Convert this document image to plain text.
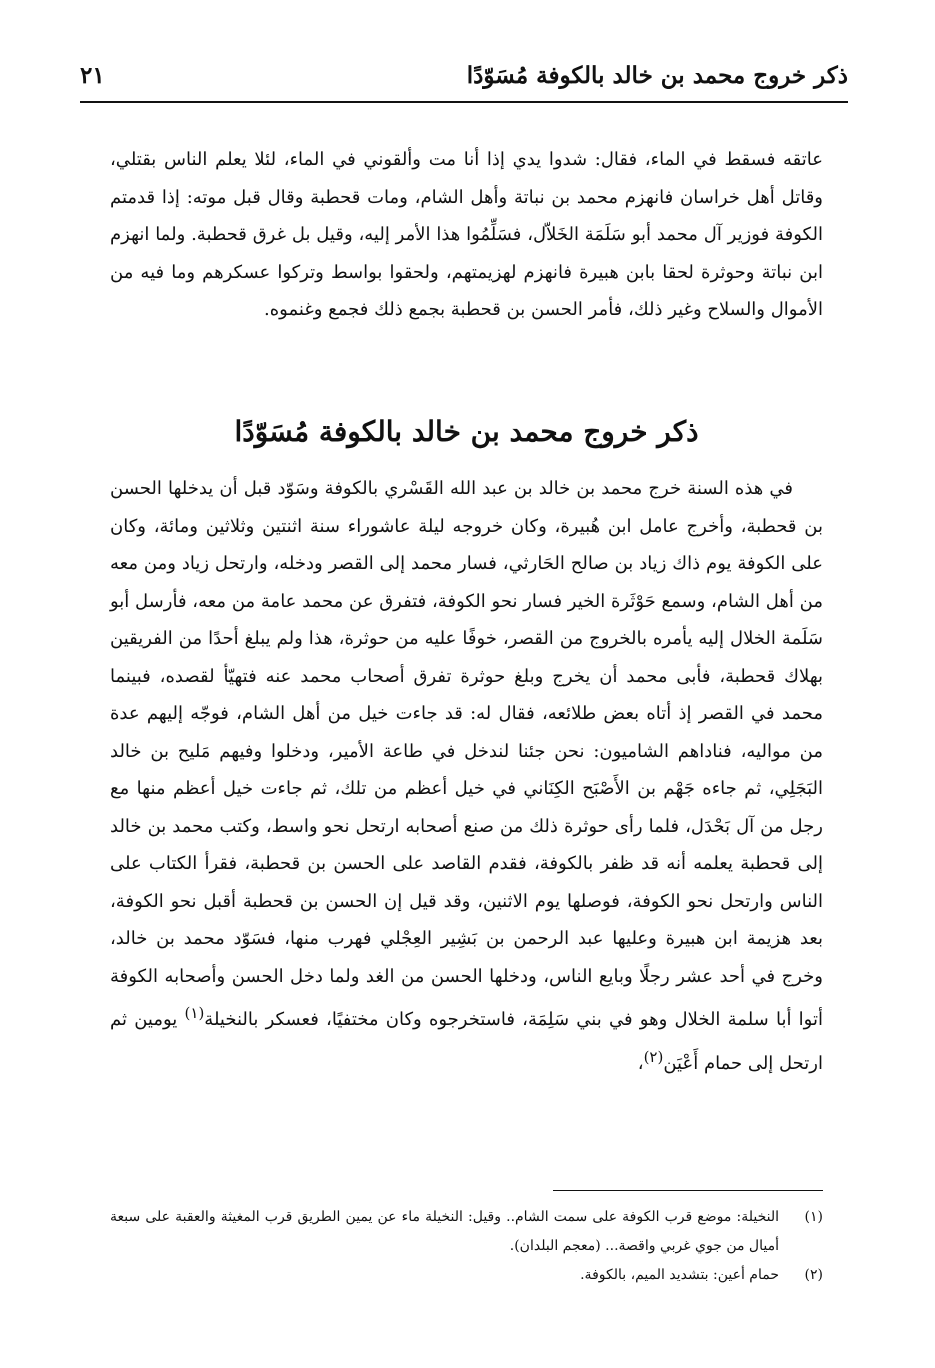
ذكر خروج محمد بن خالد بالكوفة مُسَوّدًا
٢١

عاتقه فسقط في الماء، فقال: شدوا يدي إذا أنا مت وألقوني في الماء، لئلا يعلم الناس بقتلي، وقاتل أهل خراسان فانهزم محمد بن نباتة وأهل الشام، ومات قحطبة وقال قبل موته: إذا قدمتم الكوفة فوزير آل محمد أبو سَلَمَة الخَلاّل، فسَلِّمُوا هذا الأمر إليه، وقيل بل غرق قحطبة. ولما انهزم ابن نباتة وحوثرة لحقا بابن هبيرة فانهزم لهزيمتهم، ولحقوا بواسط وتركوا عسكرهم وما فيه من الأموال والسلاح وغير ذلك، فأمر الحسن بن قحطبة بجمع ذلك فجمع وغنموه.

ذكر خروج محمد بن خالد بالكوفة مُسَوّدًا

في هذه السنة خرج محمد بن خالد بن عبد الله القَسْري بالكوفة وسَوّد قبل أن يدخلها الحسن بن قحطبة، وأخرج عامل ابن هُبيرة، وكان خروجه ليلة عاشوراء سنة اثنتين وثلاثين ومائة، وكان على الكوفة يوم ذاك زياد بن صالح الحَارثي، فسار محمد إلى القصر ودخله، وارتحل زياد ومن معه من أهل الشام، وسمع حَوْثَرة الخير فسار نحو الكوفة، فتفرق عن محمد عامة من معه، فأرسل أبو سَلَمة الخلال إليه يأمره بالخروج من القصر، خوفًا عليه من حوثرة، هذا ولم يبلغ أحدًا من الفريقين بهلاك قحطبة، فأبى محمد أن يخرج وبلغ حوثرة تفرق أصحاب محمد عنه فتهيّأ لقصده، فبينما محمد في القصر إذ أتاه بعض طلائعه، فقال له: قد جاءت خيل من أهل الشام، فوجّه إليهم عدة من مواليه، فناداهم الشاميون: نحن جئنا لندخل في طاعة الأمير، ودخلوا وفيهم مَليح بن خالد البَجَلِي، ثم جاءه جَهْم بن الأَصْبَح الكِنَاني في خيل أعظم من تلك، ثم جاءت خيل أعظم منها مع رجل من آل بَحْدَل، فلما رأى حوثرة ذلك من صنع أصحابه ارتحل نحو واسط، وكتب محمد بن خالد إلى قحطبة يعلمه أنه قد ظفر بالكوفة، فقدم القاصد على الحسن بن قحطبة، فقرأ الكتاب على الناس وارتحل نحو الكوفة، فوصلها يوم الاثنين، وقد قيل إن الحسن بن قحطبة أقبل نحو الكوفة، بعد هزيمة ابن هبيرة وعليها عبد الرحمن بن بَشِير العِجْلي فهرب منها، فسَوّد محمد بن خالد، وخرج في أحد عشر رجلًا وبايع الناس، ودخلها الحسن من الغد ولما دخل الحسن وأصحابه الكوفة أتوا أبا سلمة الخلال وهو في بني سَلِمَة، فاستخرجوه وكان مختفيًا، فعسكر بالنخيلة$^{(١)}$ يومين ثم ارتحل إلى حمام أَعْيَن$^{(٢)}$،

(١)
النخيلة: موضع قرب الكوفة على سمت الشام.. وقيل: النخيلة ماء عن يمين الطريق قرب المغيثة والعقبة على سبعة أميال من جوي غربي واقصة... (معجم البلدان).

(٢)
حمام أعين: بتشديد الميم، بالكوفة.
